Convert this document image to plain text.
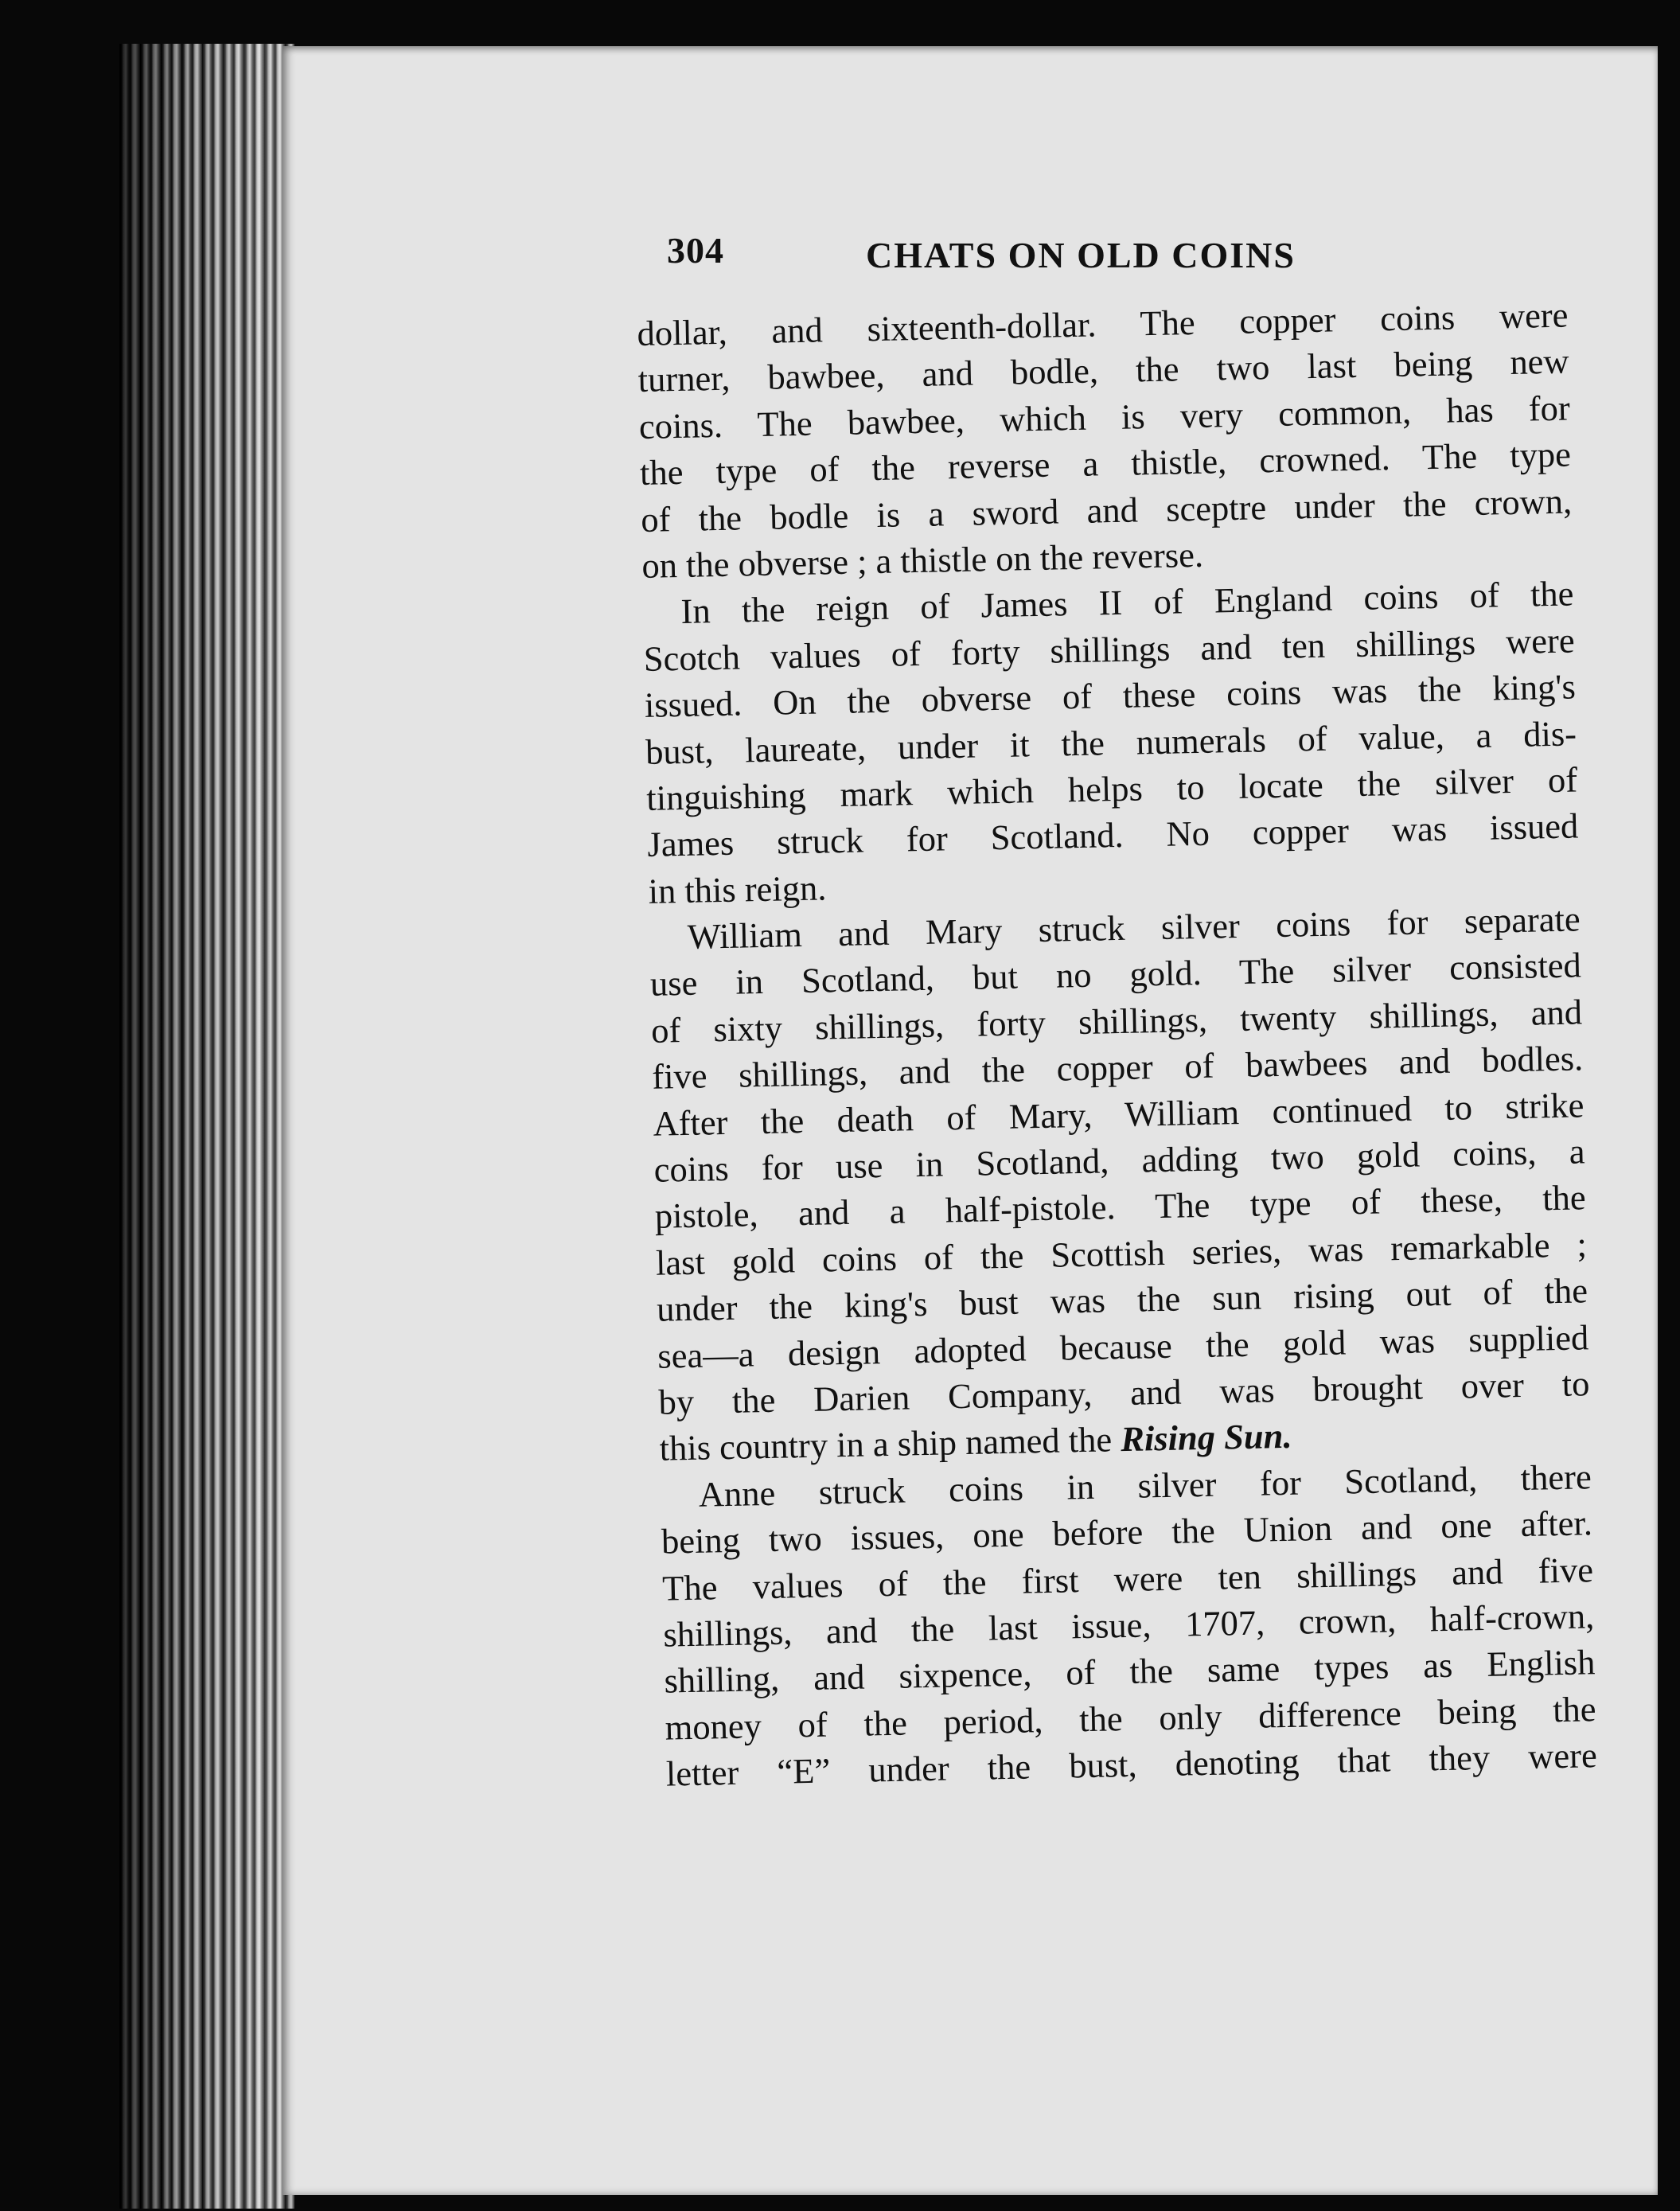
304	CHATS ON OLD COINS
dollar, and sixteenth-dollar. The copper coins were
turner, bawbee, and bodle, the two last being new
coins. The bawbee, which is very common, has for
the type of the reverse a thistle, crowned. The type
of the bodle is a sword and sceptre under the crown,
on the obverse ; a thistle on the reverse.
In the reign of James II of England coins of the
Scotch values of forty shillings and ten shillings were
issued. On the obverse of these coins was the king's
bust, laureate, under it the numerals of value, a dis-
tinguishing mark which helps to locate the silver of
James struck for Scotland. No copper was issued
in this reign.
William and Mary struck silver coins for separate
use in Scotland, but no gold. The silver consisted
of sixty shillings, forty shillings, twenty shillings, and
five shillings, and the copper of bawbees and bodles.
After the death of Mary, William continued to strike
coins for use in Scotland, adding two gold coins, a
pistole, and a half-pistole. The type of these, the
last gold coins of the Scottish series, was remarkable ;
under the king's bust was the sun rising out of the
sea—a design adopted because the gold was supplied
by the Darien Company, and was brought over to
this country in a ship named the Rising Sun.
Anne struck coins in silver for Scotland, there
being two issues, one before the Union and one after.
The values of the first were ten shillings and five
shillings, and the last issue, 1707, crown, half-crown,
shilling, and sixpence, of the same types as English
money of the period, the only difference being the
letter “E” under the bust, denoting that they were
